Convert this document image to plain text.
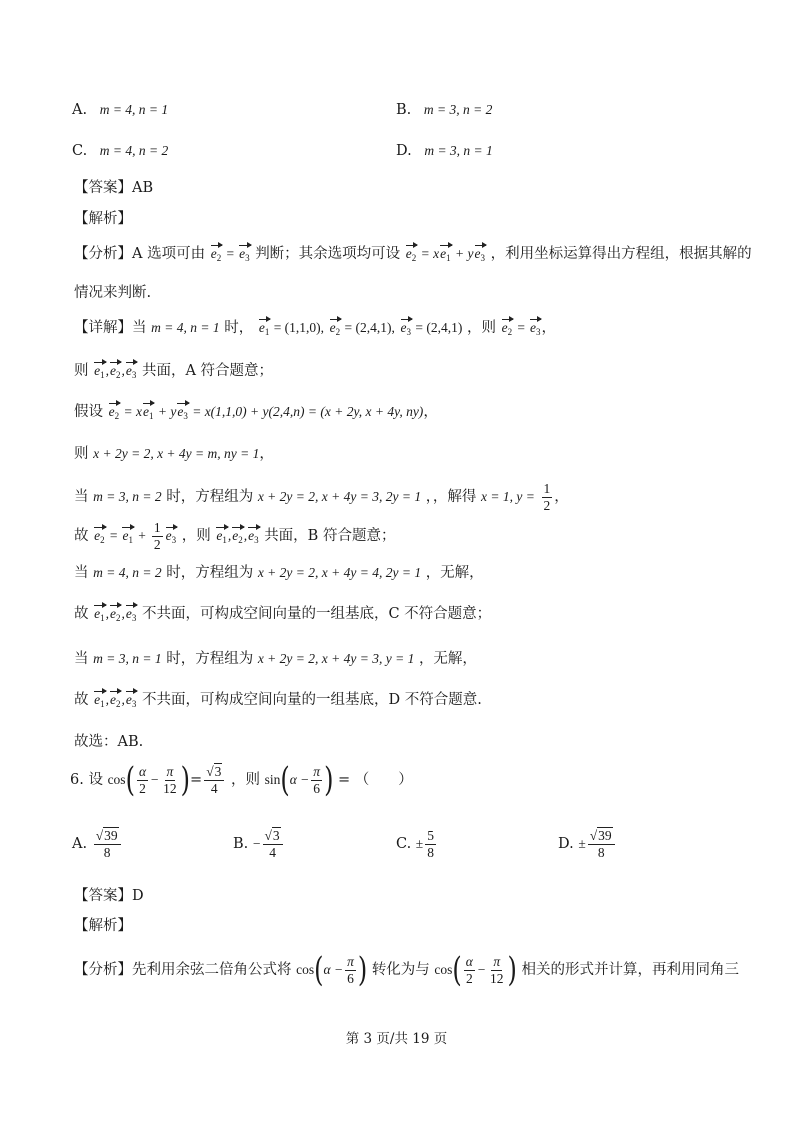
A. m = 4, n = 1	B. m = 3, n = 2
C. m = 4, n = 2	D. m = 3, n = 1
【答案】AB
【解析】
【分析】A 选项可由 $e_2 = e_3$ 判断；其余选项均可设 $e_2 = xe_1 + ye_3$ ，利用坐标运算得出方程组，根据其解的
情况来判断.
【详解】当 m = 4, n = 1 时， $e_1 = (1,1,0)$, $e_2 = (2,4,1)$, $e_3 = (2,4,1)$ ，则 $e_2 = e_3$，
则 $e_1,e_2,e_3$ 共面，A 符合题意；
假设 $e_2 = xe_1 + ye_3 = x(1,1,0) + y(2,4,n) = (x + 2y$, x + 4y, ny)，
则 x + 2y = 2, x + 4y = m, ny = 1，
当 m = 3, n = 2 时，方程组为 x + 2y = 2, x + 4y = 3, 2y = 1 ，，解得 x = 1, $y = \frac{1}{2}$ ，
故 $e_2 = e_1 + \frac{1}{2} e_3$ ，则 $e_1,e_2,e_3$ 共面，B 符合题意；
当 m = 4, n = 2 时，方程组为 x + 2y = 2, x + 4y = 4, 2y = 1 ，无解，
故 $e_1,e_2,e_3$ 不共面，可构成空间向量的一组基底，C 不符合题意；
当 m = 3, n = 1 时，方程组为 x + 2y = 2, x + 4y = 3, y = 1 ，无解，
故 $e_1,e_2,e_3$ 不共面，可构成空间向量的一组基底，D 不符合题意.
故选：AB.
6. 设 $\cos( \frac{\alpha}{2} - \frac{\pi}{12}$ )= $\frac{√3}{4}$ ，则 $\sin(\alpha - \frac{\pi}{6}$ ) = （　　）
A. $\frac{√39}{8}$	B. − $\frac{√3}{4}$	C. ± $\frac{5}{8}$	D. ± $\frac{√39}{8}$
【答案】D
【解析】
【分析】先利用余弦二倍角公式将 $\cos(\alpha - \frac{\pi}{6}$ ) 转化为与 $\cos( \frac{\alpha}{2} - \frac{\pi}{12}$ ) 相关的形式并计算，再利用同角三
第 3 页/共 19 页
